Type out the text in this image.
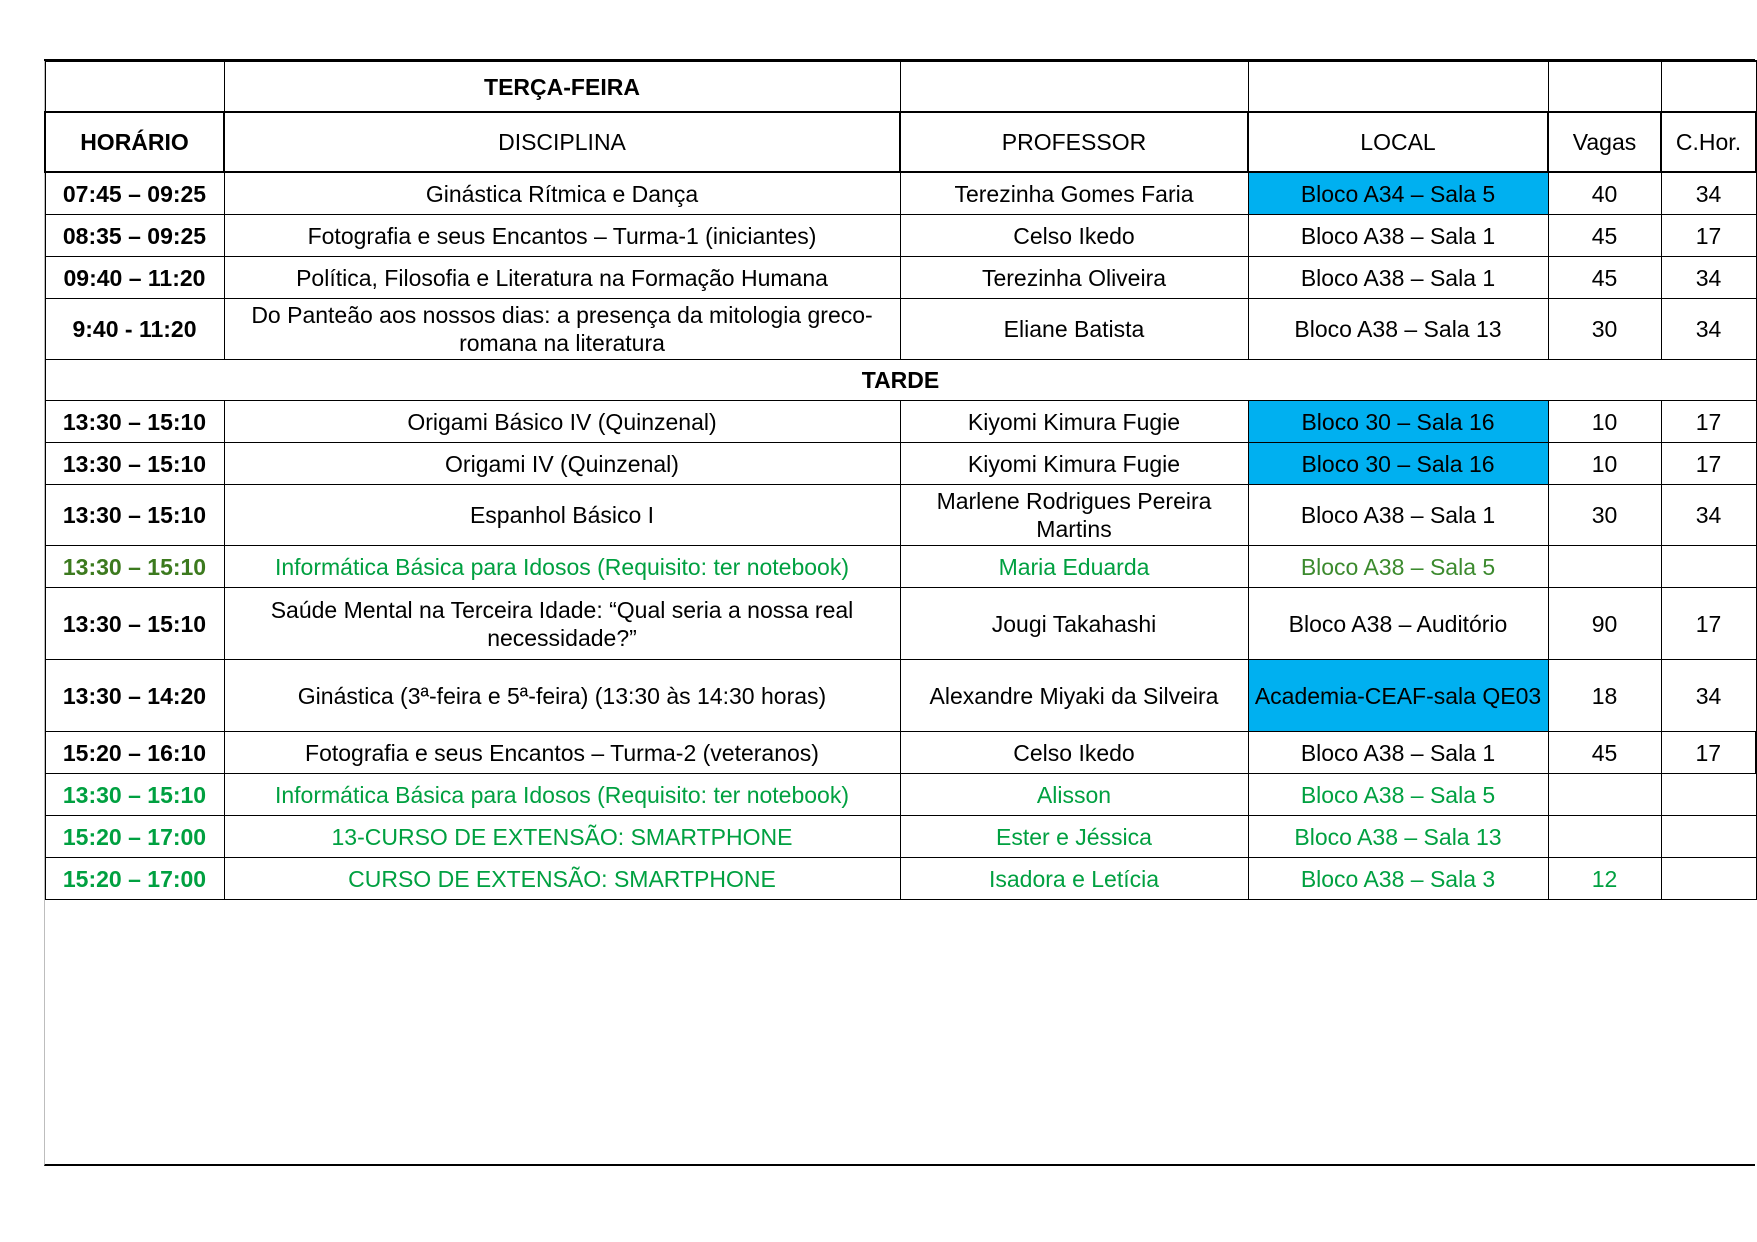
	TERÇA-FEIRA				
HORÁRIO	DISCIPLINA	PROFESSOR	LOCAL	Vagas	C.Hor.
07:45 – 09:25	Ginástica Rítmica e Dança	Terezinha Gomes Faria	Bloco A34 – Sala 5	40	34
08:35 – 09:25	Fotografia e seus Encantos – Turma-1 (iniciantes)	Celso Ikedo	Bloco A38 – Sala 1	45	17
09:40 – 11:20	Política, Filosofia e Literatura na Formação Humana	Terezinha Oliveira	Bloco A38 – Sala 1	45	34
9:40 - 11:20	Do Panteão aos nossos dias: a presença da mitologia greco-romana na literatura	Eliane Batista	Bloco A38 – Sala 13	30	34
TARDE					
13:30 – 15:10	Origami Básico IV (Quinzenal)	Kiyomi Kimura Fugie	Bloco 30 – Sala 16	10	17
13:30 – 15:10	Origami IV (Quinzenal)	Kiyomi Kimura Fugie	Bloco 30 – Sala 16	10	17
13:30 – 15:10	Espanhol Básico I	Marlene Rodrigues Pereira Martins	Bloco A38 – Sala 1	30	34
13:30 – 15:10	Informática Básica para Idosos (Requisito: ter notebook)	Maria Eduarda	Bloco A38 – Sala 5		
13:30 – 15:10	Saúde Mental na Terceira Idade: “Qual seria a nossa real necessidade?”	Jougi Takahashi	Bloco A38 – Auditório	90	17
13:30 – 14:20	Ginástica (3ª-feira e 5ª-feira) (13:30 às 14:30 horas)	Alexandre Miyaki da Silveira	Academia-CEAF-sala QE03	18	34
15:20 – 16:10	Fotografia e seus Encantos – Turma-2 (veteranos)	Celso Ikedo	Bloco A38 – Sala 1	45	17
13:30 – 15:10	Informática Básica para Idosos (Requisito: ter notebook)	Alisson	Bloco A38 – Sala 5		
15:20 – 17:00	13-CURSO DE EXTENSÃO: SMARTPHONE	Ester e Jéssica	Bloco A38 – Sala 13		
15:20 – 17:00	CURSO DE EXTENSÃO: SMARTPHONE	Isadora e Letícia	Bloco A38 – Sala 3	12	
